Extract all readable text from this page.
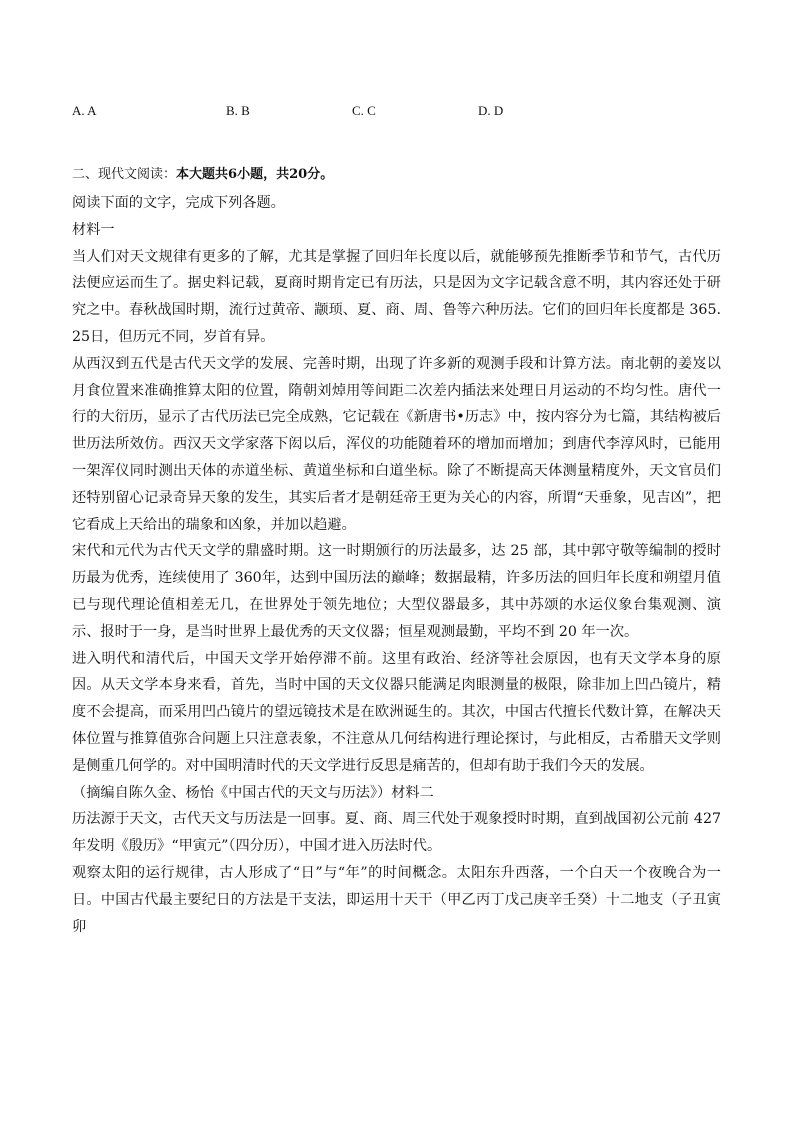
A. A	B. B	C. C	D. D

二、现代文阅读：本大题共6小题，共20分。

阅读下面的文字，完成下列各题。

材料一

当人们对天文规律有更多的了解，尤其是掌握了回归年长度以后，就能够预先推断季节和节气，古代历法便应运而生了。据史料记载，夏商时期肯定已有历法，只是因为文字记载含意不明，其内容还处于研究之中。春秋战国时期，流行过黄帝、颛顼、夏、商、周、鲁等六种历法。它们的回归年长度都是 365.25日，但历元不同，岁首有异。

从西汉到五代是古代天文学的发展、完善时期，出现了许多新的观测手段和计算方法。南北朝的姜岌以月食位置来准确推算太阳的位置，隋朝刘焯用等间距二次差内插法来处理日月运动的不均匀性。唐代一行的大衍历，显示了古代历法已完全成熟，它记载在《新唐书•历志》中，按内容分为七篇，其结构被后世历法所效仿。西汉天文学家落下闳以后，浑仪的功能随着环的增加而增加；到唐代李淳风时，已能用一架浑仪同时测出天体的赤道坐标、黄道坐标和白道坐标。除了不断提高天体测量精度外，天文官员们还特别留心记录奇异天象的发生，其实后者才是朝廷帝王更为关心的内容，所谓“天垂象，见吉凶”，把它看成上天给出的瑞象和凶象，并加以趋避。

宋代和元代为古代天文学的鼎盛时期。这一时期颁行的历法最多，达 25 部，其中郭守敬等编制的授时历最为优秀，连续使用了 360年，达到中国历法的巅峰；数据最精，许多历法的回归年长度和朔望月值已与现代理论值相差无几，在世界处于领先地位；大型仪器最多，其中苏颂的水运仪象台集观测、演示、报时于一身，是当时世界上最优秀的天文仪器；恒星观测最勤，平均不到 20 年一次。

进入明代和清代后，中国天文学开始停滞不前。这里有政治、经济等社会原因，也有天文学本身的原因。从天文学本身来看，首先，当时中国的天文仪器只能满足肉眼测量的极限，除非加上凹凸镜片，精度不会提高，而采用凹凸镜片的望远镜技术是在欧洲诞生的。其次，中国古代擅长代数计算，在解决天体位置与推算值弥合问题上只注意表象，不注意从几何结构进行理论探讨，与此相反，古希腊天文学则是侧重几何学的。对中国明清时代的天文学进行反思是痛苦的，但却有助于我们今天的发展。

（摘编自陈久金、杨怡《中国古代的天文与历法》）材料二

历法源于天文，古代天文与历法是一回事。夏、商、周三代处于观象授时时期，直到战国初公元前 427 年发明《殷历》“甲寅元”（四分历），中国才进入历法时代。

观察太阳的运行规律，古人形成了“日”与“年”的时间概念。太阳东升西落，一个白天一个夜晚合为一日。中国古代最主要纪日的方法是干支法，即运用十天干（甲乙丙丁戊己庚辛壬癸）十二地支（子丑寅卯
